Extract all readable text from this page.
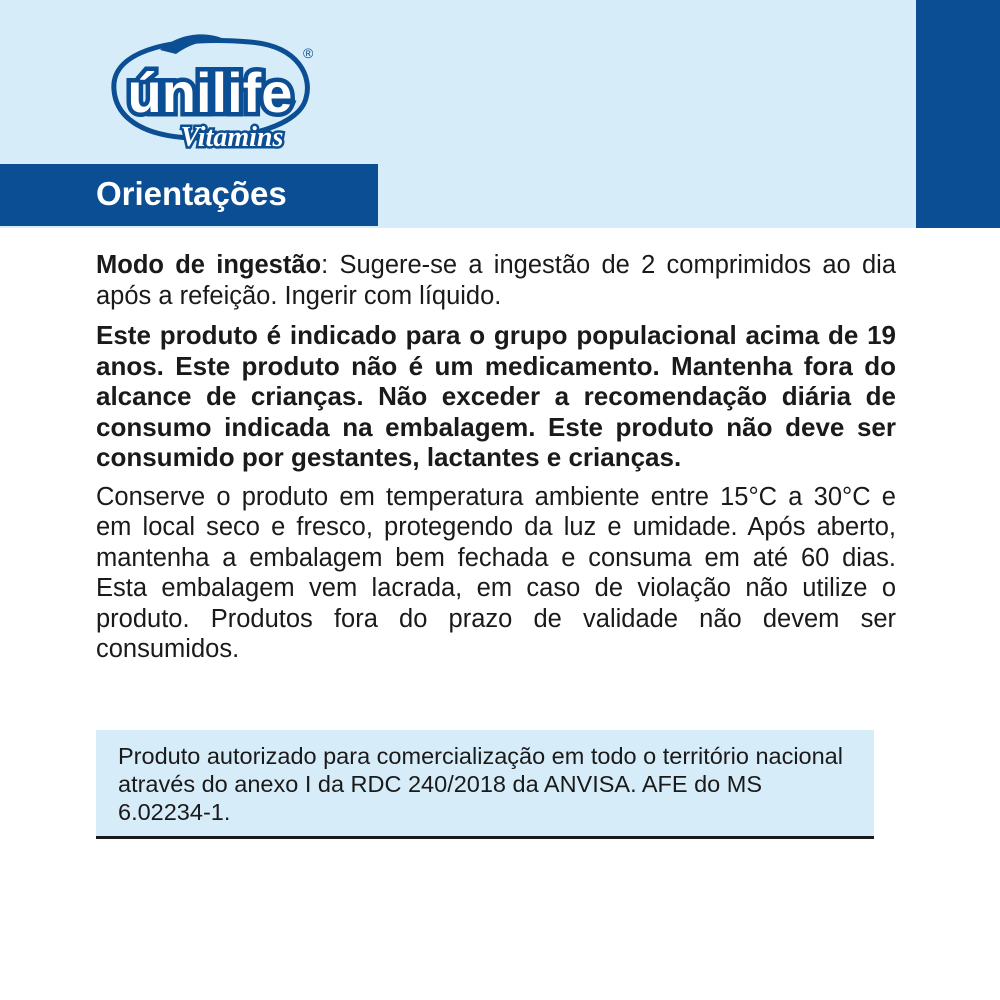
únilife
Vitamins
®
Orientações

Modo de ingestão: Sugere-se a ingestão de 2 comprimidos ao dia após a refeição. Ingerir com líquido.

Este produto é indicado para o grupo populacional acima de 19 anos. Este produto não é um medicamento. Mantenha fora do alcance de crianças. Não exceder a recomendação diária de consumo indicada na embalagem. Este produto não deve ser consumido por gestantes, lactantes e crianças.

Conserve o produto em temperatura ambiente entre 15°C a 30°C e em local seco e fresco, protegendo da luz e umidade. Após aberto, mantenha a embalagem bem fechada e consuma em até 60 dias. Esta embalagem vem lacrada, em caso de violação não utilize o produto. Produtos fora do prazo de validade não devem ser consumidos.

Produto autorizado para comercialização em todo o território nacional através do anexo I da RDC 240/2018 da ANVISA. AFE do MS 6.02234-1.
